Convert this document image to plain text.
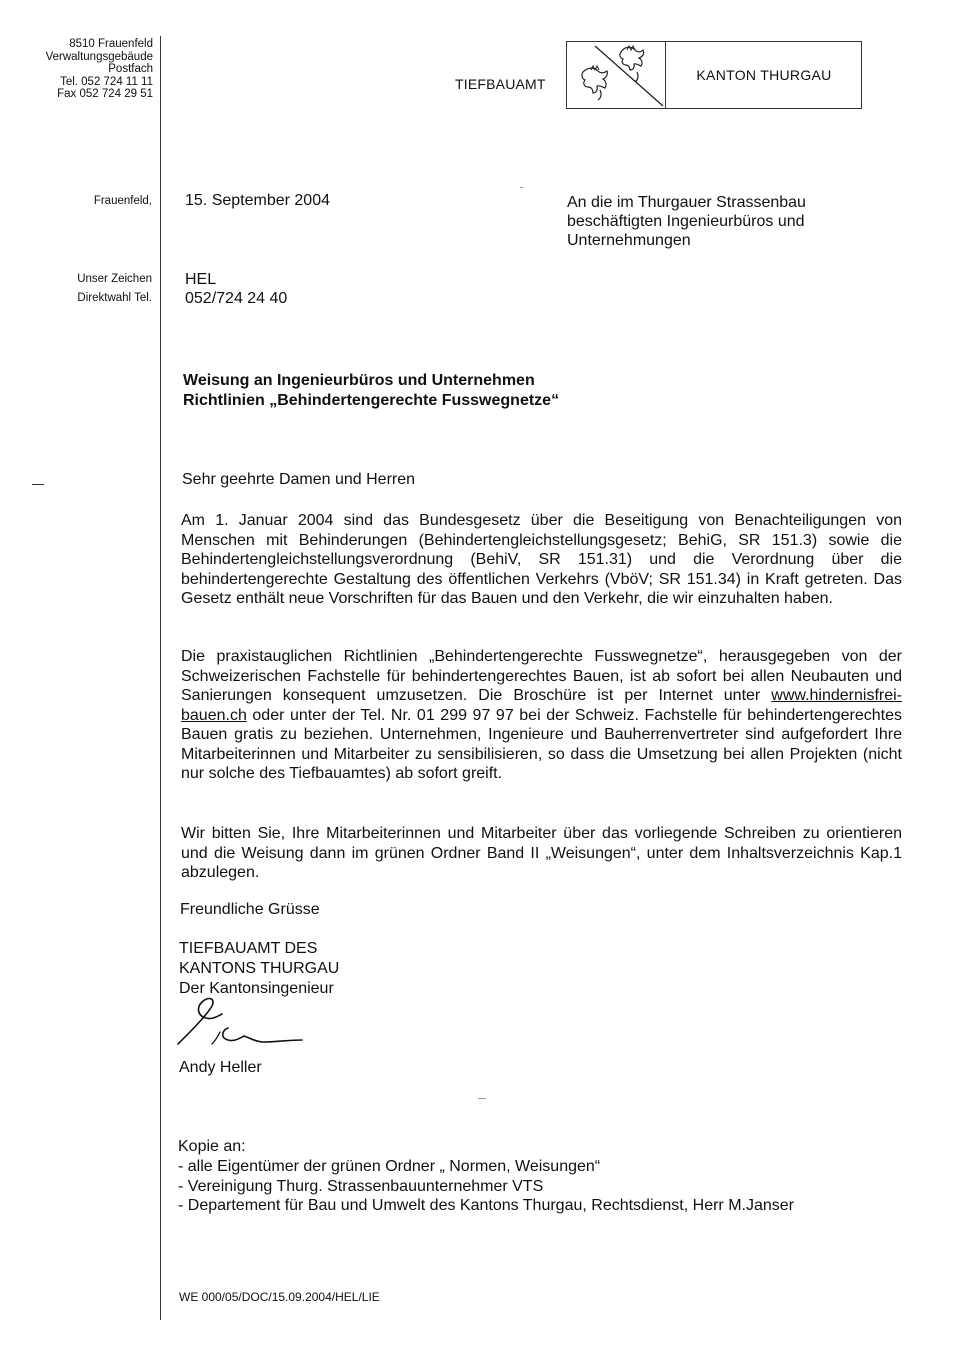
8510 Frauenfeld
Verwaltungsgebäude
Postfach
Tel. 052 724 11 11
Fax 052 724 29 51
TIEFBAUAMT
KANTON THURGAU
Frauenfeld, 15. September 2004	An die im Thurgauer Strassenbau
beschäftigten Ingenieurbüros und
Unternehmungen
Unser Zeichen
Direktwahl Tel.
HEL
052/724 24 40
Weisung an Ingenieurbüros und Unternehmen
Richtlinien „Behindertengerechte Fusswegnetze“
Sehr geehrte Damen und Herren
Am 1. Januar 2004 sind das Bundesgesetz über die Beseitigung von Benachteiligungen von Menschen mit Behinderungen (Behindertengleichstellungsgesetz; BehiG, SR 151.3) sowie die Behindertengleichstellungsverordnung (BehiV, SR 151.31) und die Verordnung über die behindertengerechte Gestaltung des öffentlichen Verkehrs (VböV; SR 151.34) in Kraft getreten. Das Gesetz enthält neue Vorschriften für das Bauen und den Verkehr, die wir einzuhalten haben.
Die praxistauglichen Richtlinien „Behindertengerechte Fusswegnetze“, herausgegeben von der Schweizerischen Fachstelle für behindertengerechtes Bauen, ist ab sofort bei allen Neubauten und Sanierungen konsequent umzusetzen. Die Broschüre ist per Internet unter www.hindernisfrei-bauen.ch oder unter der Tel. Nr. 01 299 97 97 bei der Schweiz. Fachstelle für behindertengerechtes Bauen gratis zu beziehen. Unternehmen, Ingenieure und Bauherrenvertreter sind aufgefordert Ihre Mitarbeiterinnen und Mitarbeiter zu sensibilisieren, so dass die Umsetzung bei allen Projekten (nicht nur solche des Tiefbauamtes) ab sofort greift.
Wir bitten Sie, Ihre Mitarbeiterinnen und Mitarbeiter über das vorliegende Schreiben zu orientieren und die Weisung dann im grünen Ordner Band II „Weisungen“, unter dem Inhaltsverzeichnis Kap.1 abzulegen.
Freundliche Grüsse
TIEFBAUAMT DES
KANTONS THURGAU
Der Kantonsingenieur
Andy Heller
Kopie an:
- alle Eigentümer der grünen Ordner „ Normen, Weisungen“
- Vereinigung Thurg. Strassenbauunternehmer VTS
- Departement für Bau und Umwelt des Kantons Thurgau, Rechtsdienst, Herr M.Janser
WE 000/05/DOC/15.09.2004/HEL/LIE
